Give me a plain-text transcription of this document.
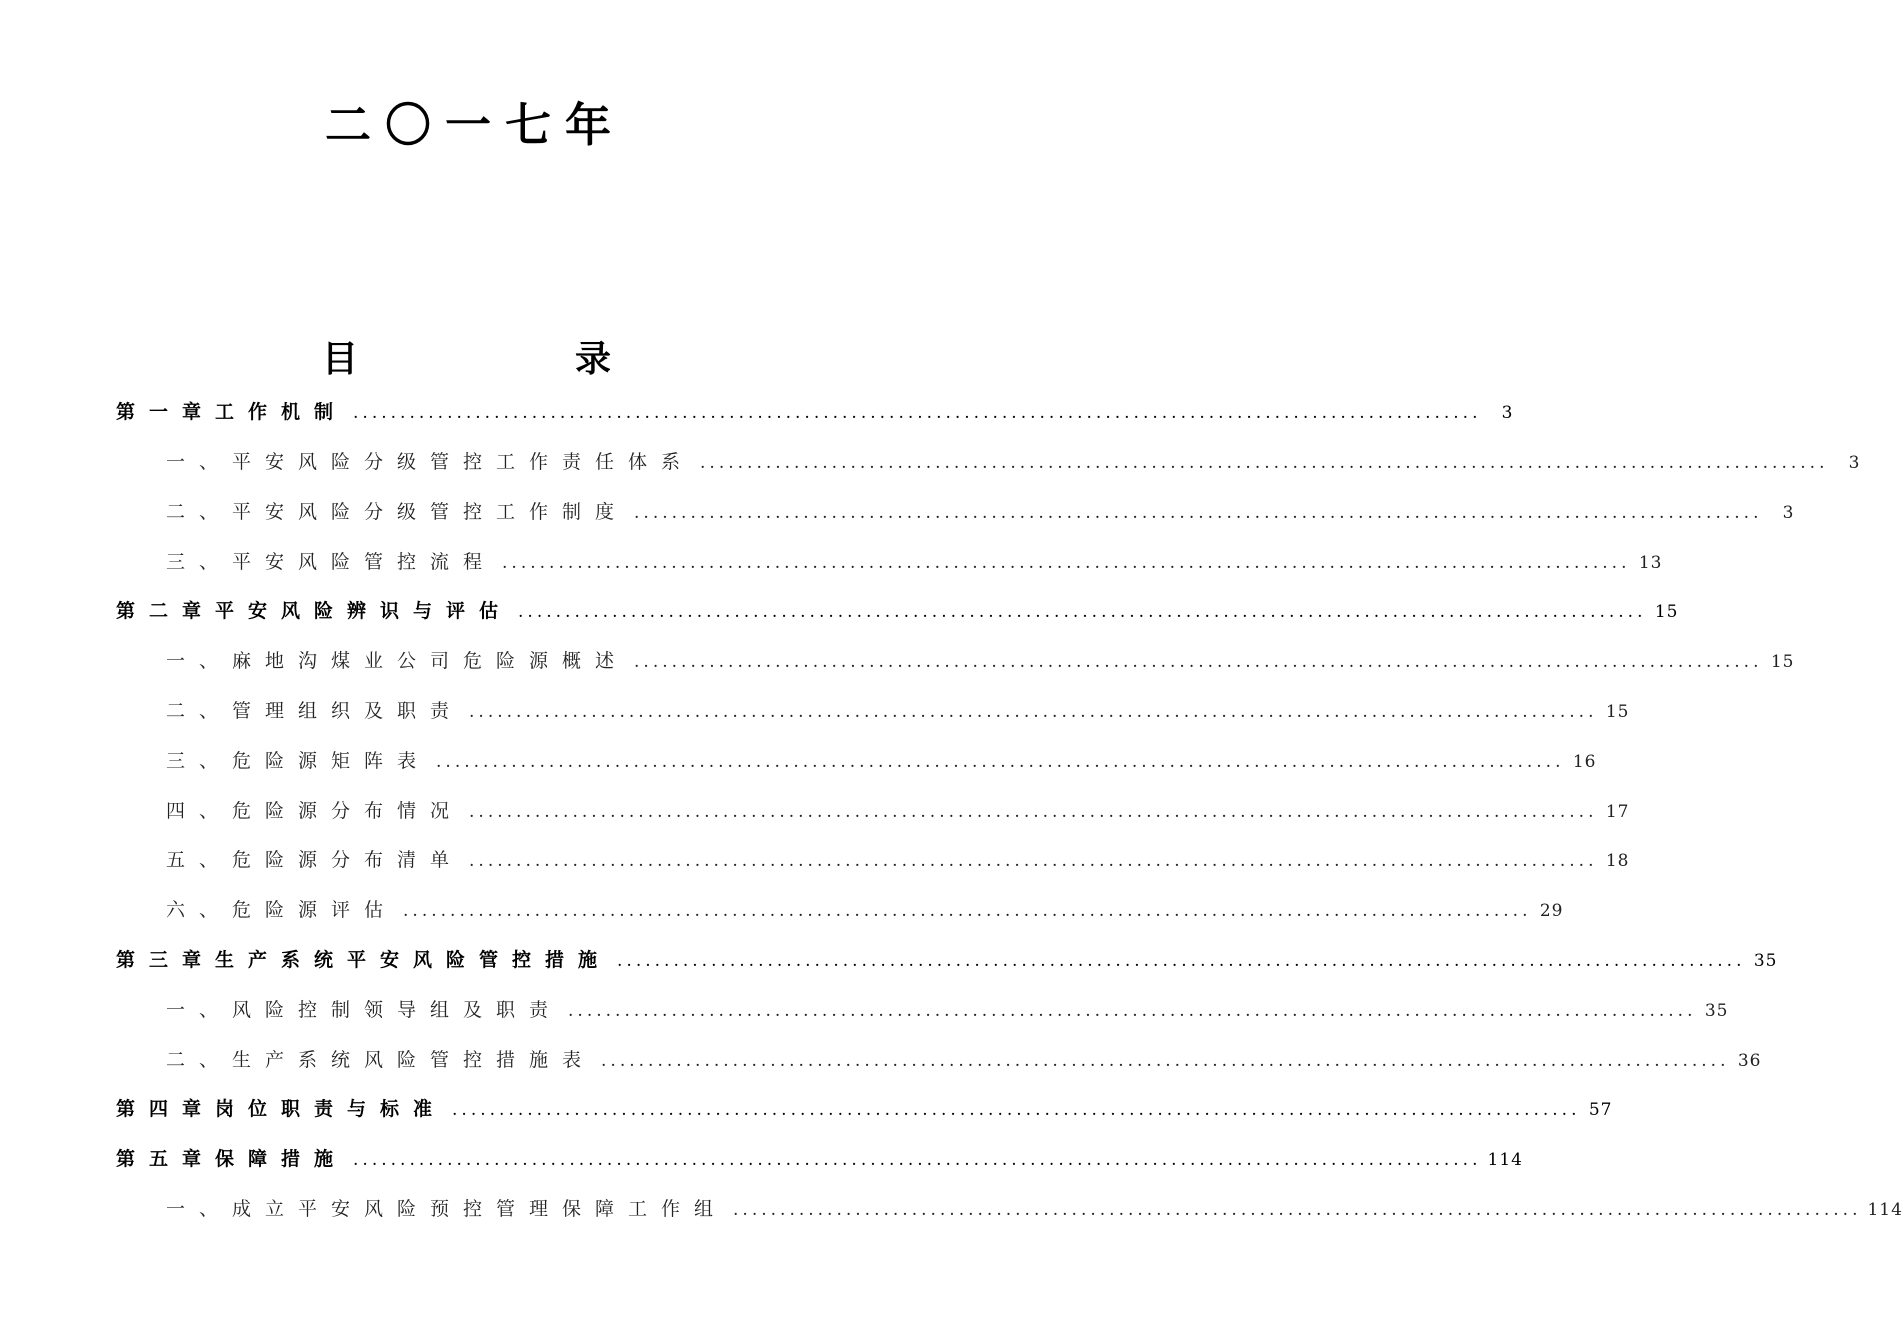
二〇一七年
目	录
第一章 工作机制 ........................................................................................................................	3
一、 平安风险分级管控工作责任体系 ........................................................................................................................	3
二、 平安风险分级管控工作制度 ........................................................................................................................	3
三、 平安风险管控流程 ........................................................................................................................ 13
第二章 平安风险辨识与评估 ........................................................................................................................ 15
一、 麻地沟煤业公司危险源概述 ........................................................................................................................ 15
二、 管理组织及职责 ........................................................................................................................ 15
三、 危险源矩阵表 ........................................................................................................................ 16
四、 危险源分布情况 ........................................................................................................................ 17
五、 危险源分布清单 ........................................................................................................................ 18
六、 危险源评估 ........................................................................................................................ 29
第三章 生产系统平安风险管控措施 ........................................................................................................................ 35
一、 风险控制领导组及职责 ........................................................................................................................ 35
二、 生产系统风险管控措施表 ........................................................................................................................ 36
第四章 岗位职责与标准 ........................................................................................................................ 57
第五章 保障措施 ........................................................................................................................ 114
一、 成立平安风险预控管理保障工作组 ........................................................................................................................ 114
